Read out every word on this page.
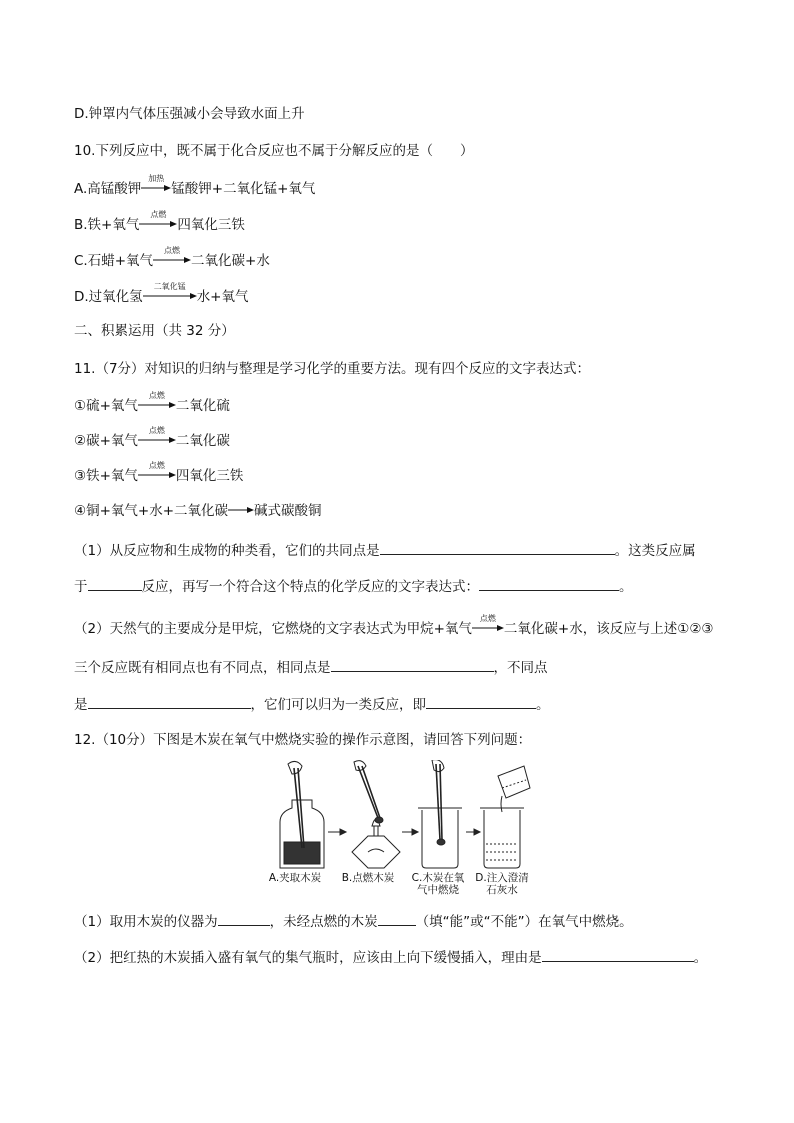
D.钟罩内气体压强减小会导致水面上升
10.下列反应中，既不属于化合反应也不属于分解反应的是（　　）
A.高锰酸钾
加热
锰酸钾+二氧化锰+氧气
B.铁+氧气
点燃
四氧化三铁
C.石蜡+氧气
点燃
二氧化碳+水
D.过氧化氢
二氧化锰
水+氧气
二、积累运用（共 32 分）
11.（7分）对知识的归纳与整理是学习化学的重要方法。现有四个反应的文字表达式：
①硫+氧气
点燃
二氧化硫
②碳+氧气
点燃
二氧化碳
③铁+氧气
点燃
四氧化三铁
④铜+氧气+水+二氧化碳→碱式碳酸铜
（1）从反应物和生成物的种类看，它们的共同点是	。这类反应属
于	反应，再写一个符合这个特点的化学反应的文字表达式：	。
（2）天然气的主要成分是甲烷，它燃烧的文字表达式为甲烷+氧气
点燃
二氧化碳+水，该反应与上述①②③
三个反应既有相同点也有不同点，相同点是	，不同点
是	，它们可以归为一类反应，即	。
12.（10分）下图是木炭在氧气中燃烧实验的操作示意图，请回答下列问题：
A.夹取木炭	B.点燃木炭	C.木炭在氧
气中燃烧
D.注入澄清
石灰水
（1）取用木炭的仪器为	，未经点燃的木炭	（填“能”或“不能”）在氧气中燃烧。
（2）把红热的木炭插入盛有氧气的集气瓶时，应该由上向下缓慢插入，理由是	。
